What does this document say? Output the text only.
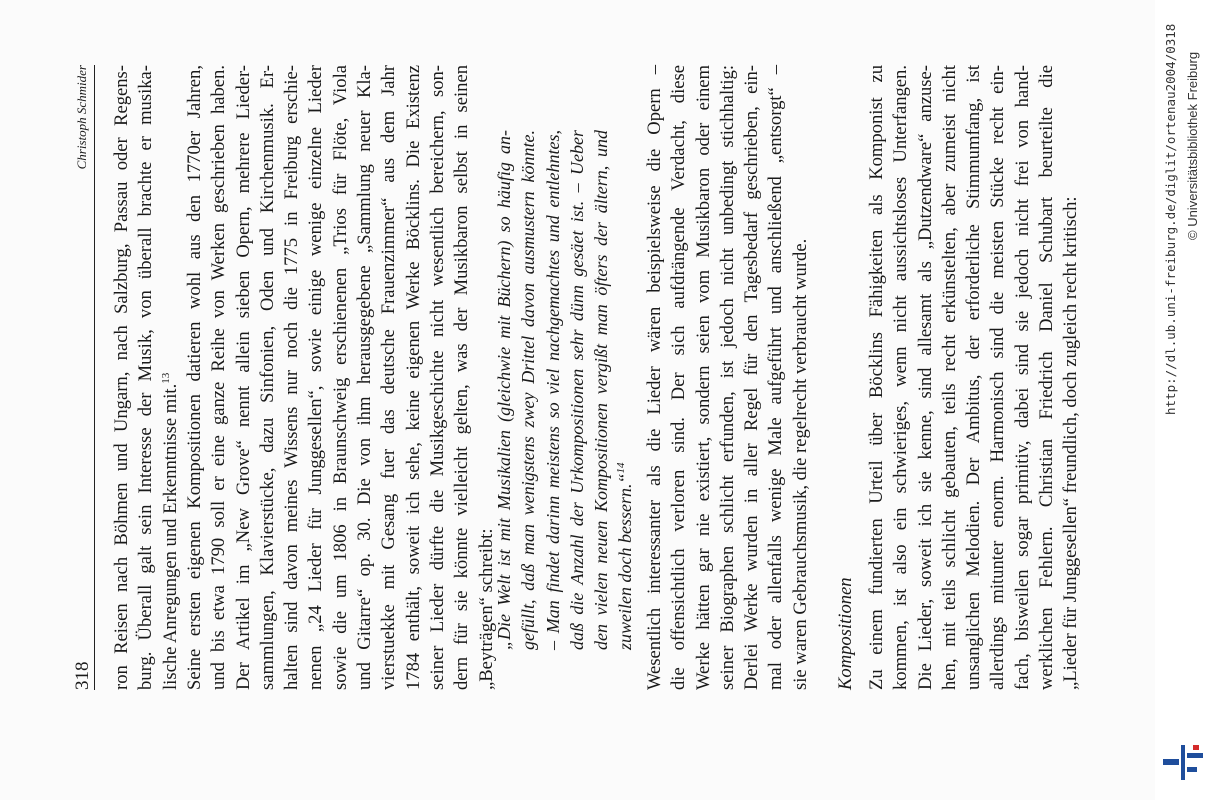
318
Christoph Schmider ron Reisen nach Böhmen und Ungarn, nach Salzburg, Passau oder Regens- burg. Überall galt sein Interesse der Musik, von überall brachte er musika- lische Anregungen und Erkenntnisse mit.$^{13}$ Seine ersten eigenen Kompositionen datieren wohl aus den 1770er Jahren, und bis etwa 1790 soll er eine ganze Reihe von Werken geschrieben haben. Der Artikel im „New Grove“ nennt allein sieben Opern, mehrere Lieder- sammlungen, Klavierstücke, dazu Sinfonien, Oden und Kirchenmusik. Er- halten sind davon meines Wissens nur noch die 1775 in Freiburg erschie- nenen „24 Lieder für Junggesellen“, sowie einige wenige einzelne Lieder sowie die um 1806 in Braunschweig erschienenen „Trios für Flöte, Viola und Gitarre“ op. 30. Die von ihm herausgegebene „Sammlung neuer Kla- vierstuekke mit Gesang fuer das deutsche Frauenzimmer“ aus dem Jahr 1784 enthält, soweit ich sehe, keine eigenen Werke Böcklins. Die Existenz seiner Lieder dürfte die Musikgeschichte nicht wesentlich bereichern, son- dern für sie könnte vielleicht gelten, was der Musikbaron selbst in seinen „Beyträgen“ schreibt:
„Die Welt ist mit Musikalien (gleichwie mit Büchern) so häufig an- gefüllt, daß man wenigstens zwey Drittel davon ausmustern könnte. – Man findet darinn meistens so viel nachgemachtes und entlehntes, daß die Anzahl der Urkompositionen sehr dünn gesäet ist. – Ueber den vielen neuen Kompositionen vergißt man öfters der ältern, und zuweilen doch bessern.“$^{14}$ Wesentlich interessanter als die Lieder wären beispielsweise die Opern – die offensichtlich verloren sind. Der sich aufdrängende Verdacht, diese Werke hätten gar nie existiert, sondern seien vom Musikbaron oder einem seiner Biographen schlicht erfunden, ist jedoch nicht unbedingt stichhaltig: Derlei Werke wurden in aller Regel für den Tagesbedarf geschrieben, ein- mal oder allenfalls wenige Male aufgeführt und anschließend „entsorgt“ – sie waren Gebrauchsmusik, die regelrecht verbraucht wurde. Kompositionen Zu einem fundierten Urteil über Böcklins Fähigkeiten als Komponist zu kommen, ist also ein schwieriges, wenn nicht aussichtsloses Unterfangen. Die Lieder, soweit ich sie kenne, sind allesamt als „Dutzendware“ anzuse- hen, mit teils schlicht gebauten, teils recht erkünstelten, aber zumeist nicht unsanglichen Melodien. Der Ambitus, der erforderliche Stimmumfang, ist allerdings mitunter enorm. Harmonisch sind die meisten Stücke recht ein- fach, bisweilen sogar primitiv, dabei sind sie jedoch nicht frei von hand- werklichen Fehlern. Christian Friedrich Daniel Schubart beurteilte die „Lieder für Junggesellen“ freundlich, doch zugleich recht kritisch:	http://dl.ub.uni-freiburg.de/diglit/ortenau2004/0318 © Universitätsbibliothek Freiburg
